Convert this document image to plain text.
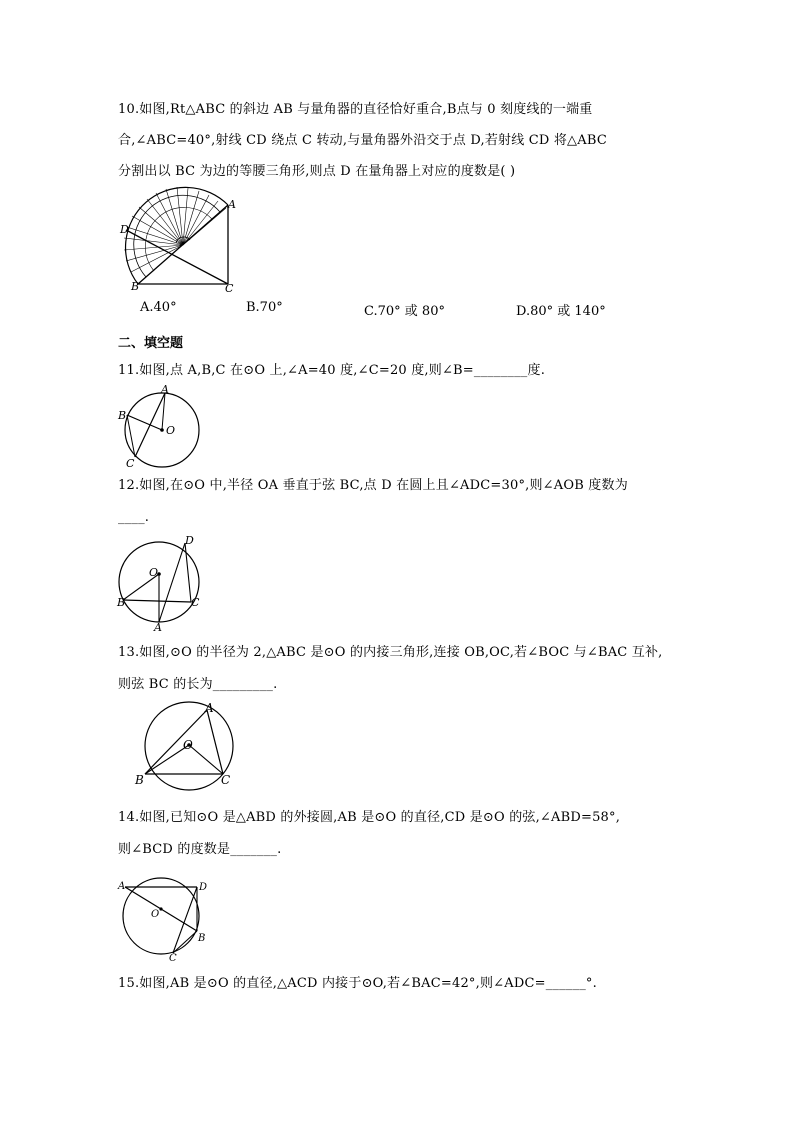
10.如图,Rt△ABC 的斜边 AB 与量角器的直径恰好重合,B点与 0 刻度线的一端重
合,∠ABC=40°,射线 CD 绕点 C 转动,与量角器外沿交于点 D,若射线 CD 将△ABC
分割出以 BC 为边的等腰三角形,则点 D 在量角器上对应的度数是( )
A
D
B	C
A.40°	B.70°	C.70° 或 80°	D.80° 或 140°
二、填空题
11.如图,点 A,B,C 在⊙O 上,∠A=40 度,∠C=20 度,则∠B=________度.
A
B
C
O
12.如图,在⊙O 中,半径 OA 垂直于弦 BC,点 D 在圆上且∠ADC=30°,则∠AOB 度数为
____.
D
O
B	C
A
13.如图,⊙O 的半径为 2,△ABC 是⊙O 的内接三角形,连接 OB,OC,若∠BOC 与∠BAC 互补,
则弦 BC 的长为_________.
A
O
B	C
14.如图,已知⊙O 是△ABD 的外接圆,AB 是⊙O 的直径,CD 是⊙O 的弦,∠ABD=58°,
则∠BCD 的度数是_______.
A	D
O
B
C
15.如图,AB 是⊙O 的直径,△ACD 内接于⊙O,若∠BAC=42°,则∠ADC=______°.
